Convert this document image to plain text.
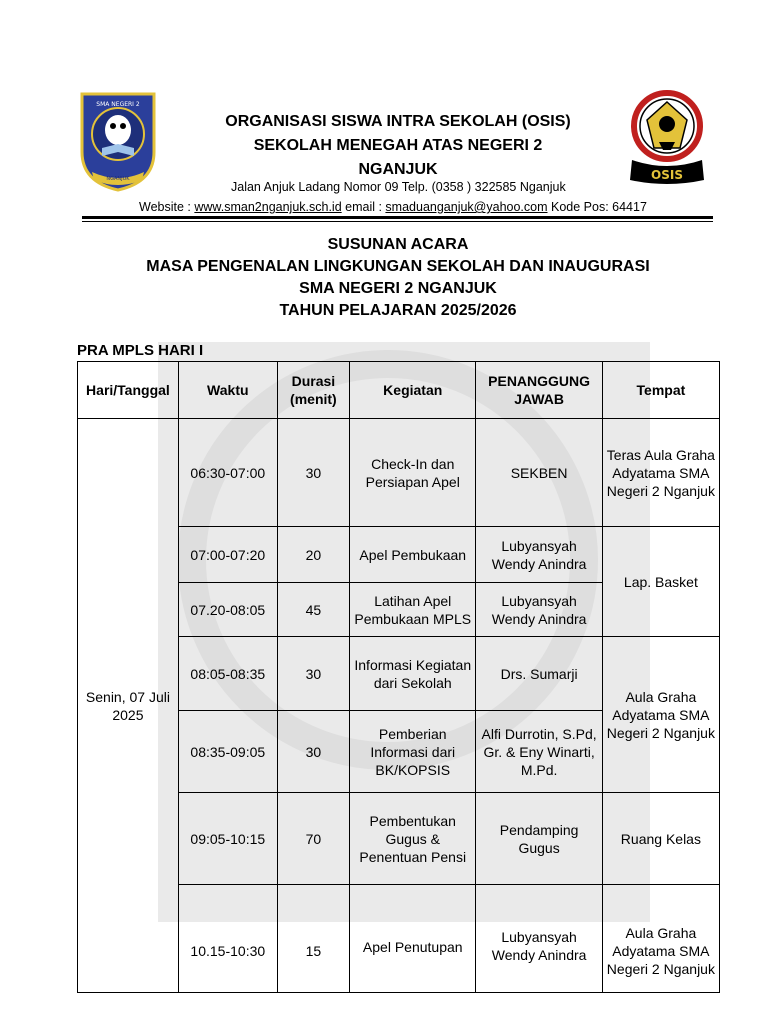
SMA NEGERI 2
NGANJUK	OSIS
ORGANISASI SISWA INTRA SEKOLAH (OSIS)
SEKOLAH MENEGAH ATAS NEGERI 2
NGANJUK
Jalan Anjuk Ladang Nomor 09 Telp. (0358 ) 322585 Nganjuk
Website : www.sman2nganjuk.sch.id email : smaduanganjuk@yahoo.com Kode Pos: 64417
SUSUNAN ACARA
MASA PENGENALAN LINGKUNGAN SEKOLAH DAN INAUGURASI
SMA NEGERI 2 NGANJUK
TAHUN PELAJARAN 2025/2026
PRA MPLS HARI I
Hari/Tanggal	Waktu	Durasi (menit)	Kegiatan	PENANGGUNG JAWAB	Tempat
Senin, 07 Juli 2025	06:30-07:00	30	Check-In dan Persiapan Apel	SEKBEN	Teras Aula Graha Adyatama SMA Negeri 2 Nganjuk
	07:00-07:20	20	Apel Pembukaan	Lubyansyah Wendy Anindra	Lap. Basket
	07.20-08:05	45	Latihan Apel Pembukaan MPLS	Lubyansyah Wendy Anindra	
	08:05-08:35	30	Informasi Kegiatan dari Sekolah	Drs. Sumarji	Aula Graha Adyatama SMA Negeri 2 Nganjuk
	08:35-09:05	30	Pemberian Informasi dari BK/KOPSIS	Alfi Durrotin, S.Pd, Gr. & Eny Winarti, M.Pd.	
	09:05-10:15	70	Pembentukan Gugus & Penentuan Pensi	Pendamping Gugus	Ruang Kelas
	10.15-10:30	15	Apel Penutupan	Lubyansyah Wendy Anindra	Aula Graha Adyatama SMA Negeri 2 Nganjuk
